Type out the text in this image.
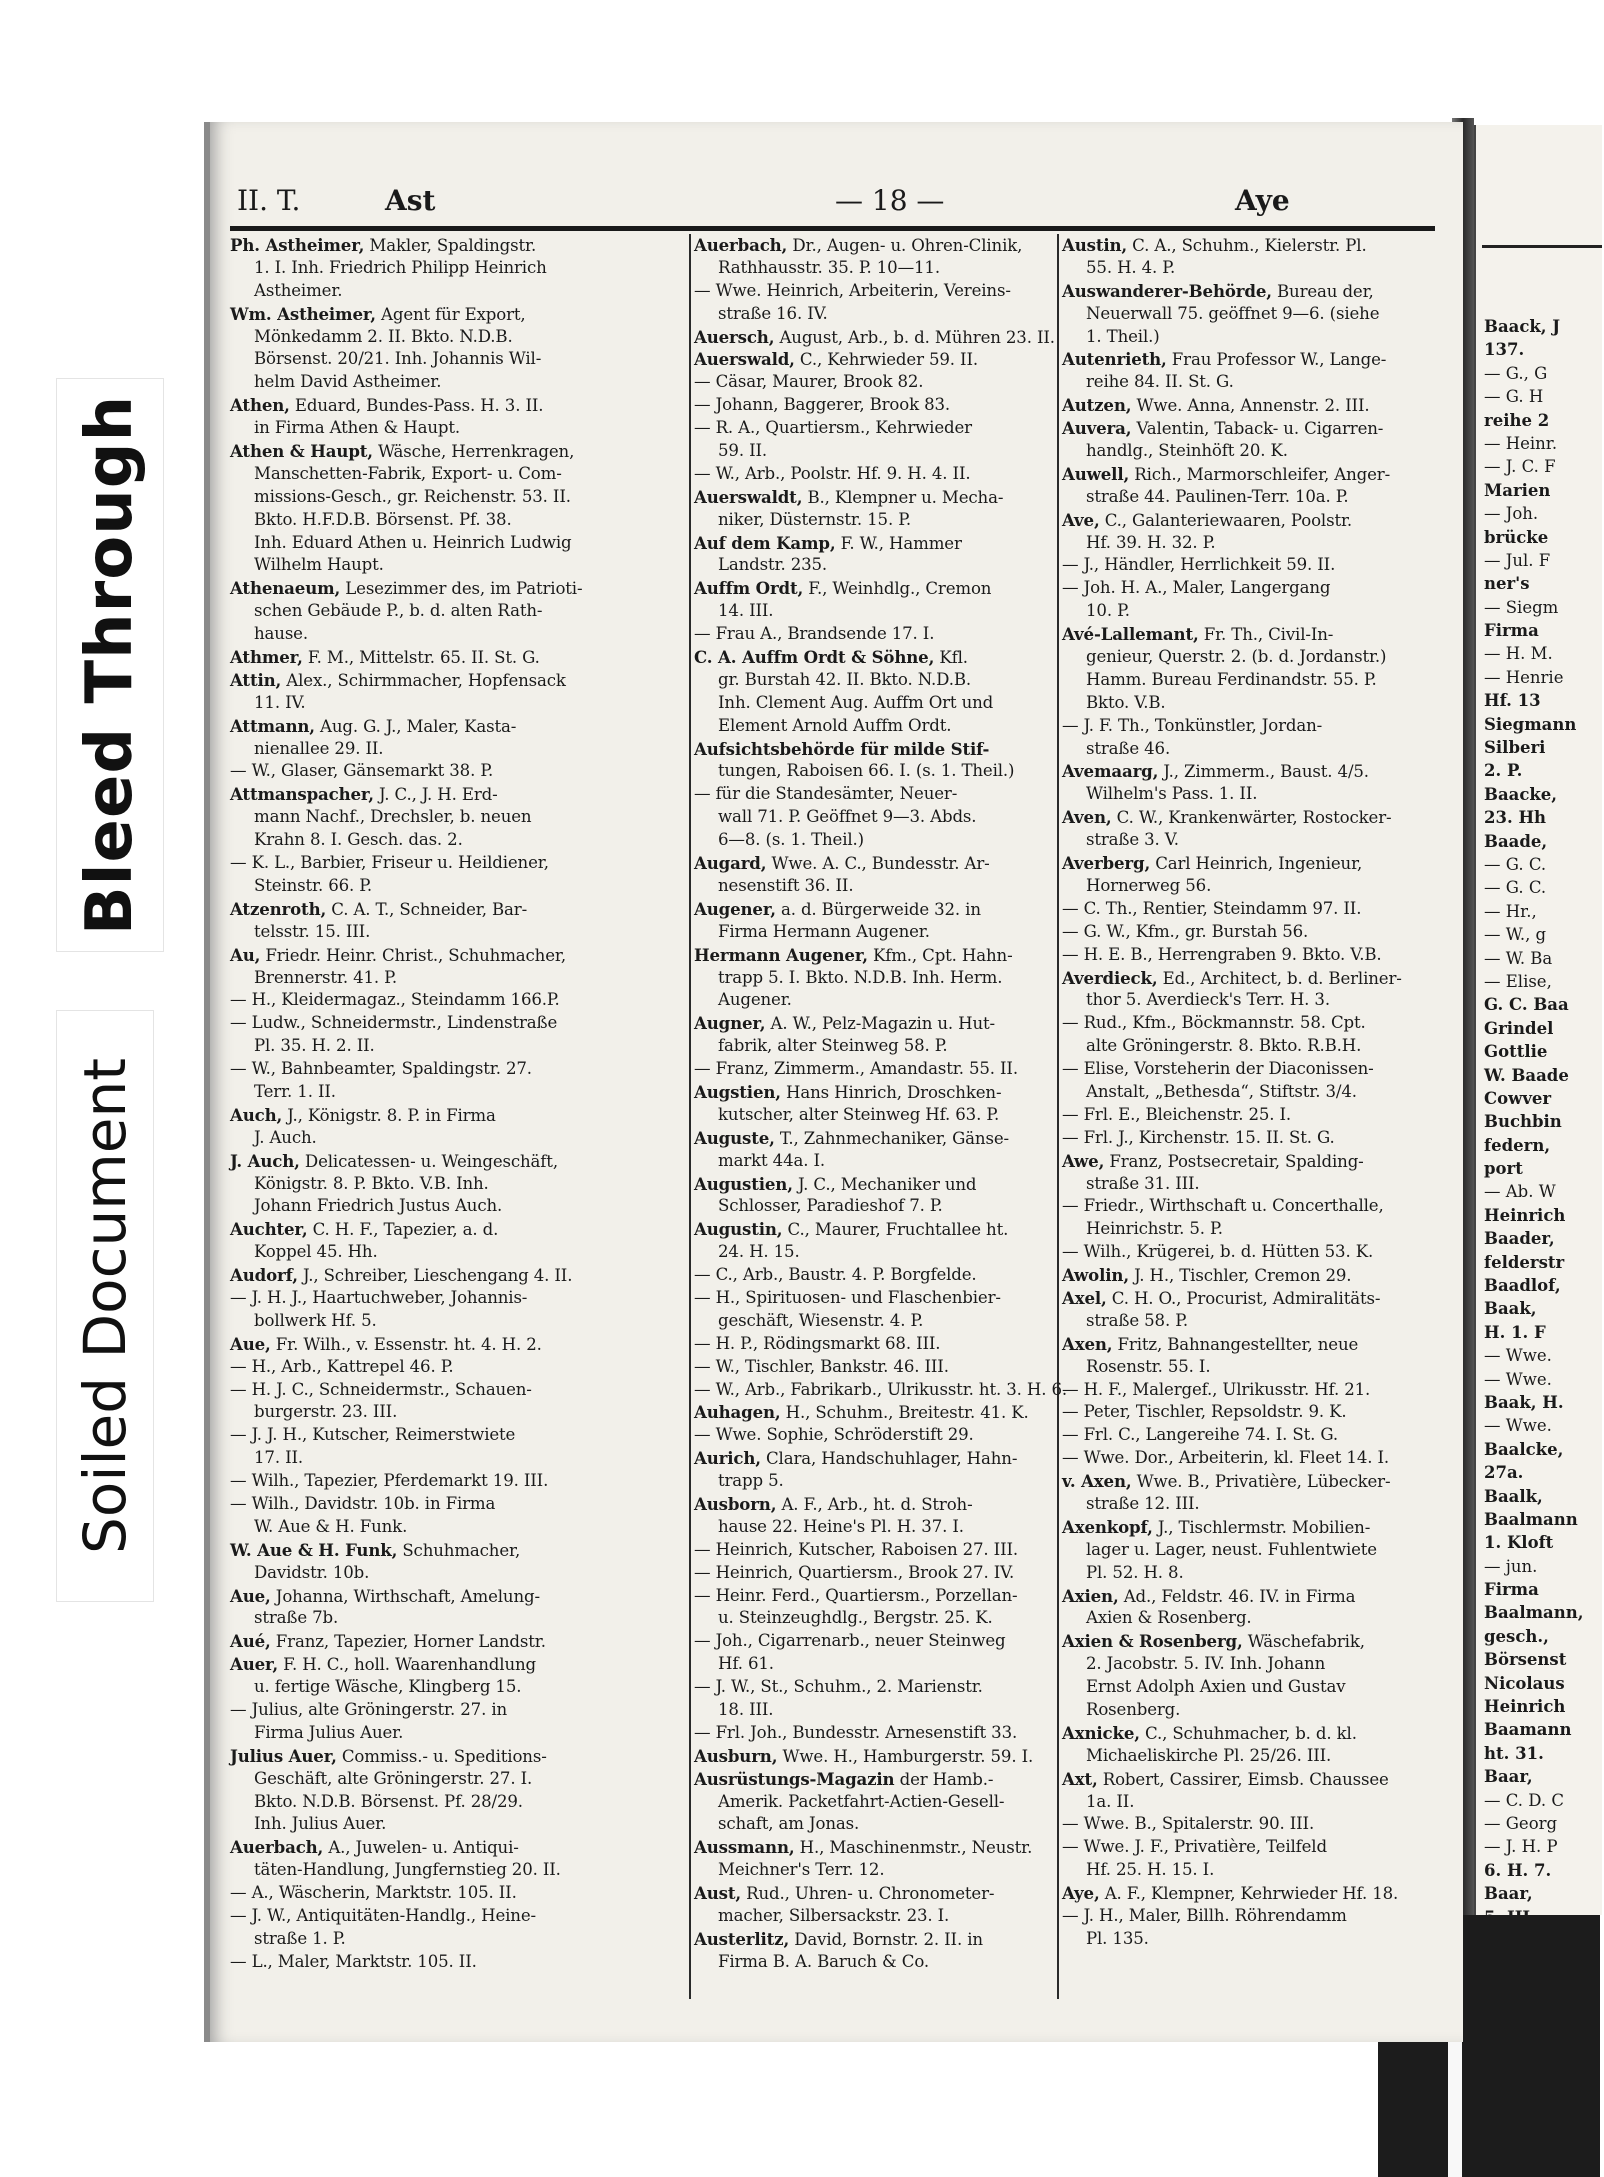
Bleed Through
Soiled Document
Baack, J
137.
— G., G
— G. H
reihe 2
— Heinr.
— J. C. F
Marien
— Joh.
brücke
— Jul. F
ner's
— Siegm
Firma
— H. M.
— Henrie
Hf. 13
Siegmann
Silberi
2. P.
Baacke,
23. Hh
Baade,
— G. C.
— G. C.
— Hr.,
— W., g
— W. Ba
— Elise,
G. C. Baa
Grindel
Gottlie
W. Baade
Cowver
Buchbin
federn,
port
— Ab. W
Heinrich
Baader,
felderstr
Baadlof,
Baak,
H. 1. F
— Wwe.
— Wwe.
Baak, H.
— Wwe.
Baalcke,
27a.
Baalk,
Baalmann
1. Kloft
— jun.
Firma
Baalmann,
gesch.,
Börsenst
Nicolaus
Heinrich
Baamann
ht. 31.
Baar,
— C. D. C
— Georg
— J. H. P
6. H. 7.
Baar,
II. T.	Ast	— 18 —	Aye
Ph. Astheimer, Makler, Spaldingstr.
1. I. Inh. Friedrich Philipp Heinrich
Astheimer.
Wm. Astheimer, Agent für Export,
Mönkedamm 2. II. Bkto. N.D.B.
Börsenst. 20/21. Inh. Johannis Wil-
helm David Astheimer.
Athen, Eduard, Bundes-Pass. H. 3. II.
in Firma Athen & Haupt.
Athen & Haupt, Wäsche, Herrenkragen,
Manschetten-Fabrik, Export- u. Com-
missions-Gesch., gr. Reichenstr. 53. II.
Bkto. H.F.D.B. Börsenst. Pf. 38.
Inh. Eduard Athen u. Heinrich Ludwig
Wilhelm Haupt.
Athenaeum, Lesezimmer des, im Patrioti-
schen Gebäude P., b. d. alten Rath-
hause.
Athmer, F. M., Mittelstr. 65. II. St. G.
Attin, Alex., Schirmmacher, Hopfensack
11. IV.
Attmann, Aug. G. J., Maler, Kasta-
nienallee 29. II.
— W., Glaser, Gänsemarkt 38. P.
Attmanspacher, J. C., J. H. Erd-
mann Nachf., Drechsler, b. neuen
Krahn 8. I. Gesch. das. 2.
— K. L., Barbier, Friseur u. Heildiener,
Steinstr. 66. P.
Atzenroth, C. A. T., Schneider, Bar-
telsstr. 15. III.
Au, Friedr. Heinr. Christ., Schuhmacher,
Brennerstr. 41. P.
— H., Kleidermagaz., Steindamm 166.P.
— Ludw., Schneidermstr., Lindenstraße
Pl. 35. H. 2. II.
— W., Bahnbeamter, Spaldingstr. 27.
Terr. 1. II.
Auch, J., Königstr. 8. P. in Firma
J. Auch.
J. Auch, Delicatessen- u. Weingeschäft,
Königstr. 8. P. Bkto. V.B. Inh.
Johann Friedrich Justus Auch.
Auchter, C. H. F., Tapezier, a. d.
Koppel 45. Hh.
Audorf, J., Schreiber, Lieschengang 4. II.
— J. H. J., Haartuchweber, Johannis-
bollwerk Hf. 5.
Aue, Fr. Wilh., v. Essenstr. ht. 4. H. 2.
— H., Arb., Kattrepel 46. P.
— H. J. C., Schneidermstr., Schauen-
burgerstr. 23. III.
— J. J. H., Kutscher, Reimerstwiete
17. II.
— Wilh., Tapezier, Pferdemarkt 19. III.
— Wilh., Davidstr. 10b. in Firma
W. Aue & H. Funk.
W. Aue & H. Funk, Schuhmacher,
Davidstr. 10b.
Aue, Johanna, Wirthschaft, Amelung-
straße 7b.
Aué, Franz, Tapezier, Horner Landstr.
Auer, F. H. C., holl. Waarenhandlung
u. fertige Wäsche, Klingberg 15.
— Julius, alte Gröningerstr. 27. in
Firma Julius Auer.
Julius Auer, Commiss.- u. Speditions-
Geschäft, alte Gröningerstr. 27. I.
Bkto. N.D.B. Börsenst. Pf. 28/29.
Inh. Julius Auer.
Auerbach, A., Juwelen- u. Antiqui-
täten-Handlung, Jungfernstieg 20. II.
— A., Wäscherin, Marktstr. 105. II.
— J. W., Antiquitäten-Handlg., Heine-
straße 1. P.
— L., Maler, Marktstr. 105. II.
Auerbach, Dr., Augen- u. Ohren-Clinik,
Rathhausstr. 35. P. 10—11.
— Wwe. Heinrich, Arbeiterin, Vereins-
straße 16. IV.
Auersch, August, Arb., b. d. Mühren 23. II.
Auerswald, C., Kehrwieder 59. II.
— Cäsar, Maurer, Brook 82.
— Johann, Baggerer, Brook 83.
— R. A., Quartiersm., Kehrwieder
59. II.
— W., Arb., Poolstr. Hf. 9. H. 4. II.
Auerswaldt, B., Klempner u. Mecha-
niker, Düsternstr. 15. P.
Auf dem Kamp, F. W., Hammer
Landstr. 235.
Auffm Ordt, F., Weinhdlg., Cremon
14. III.
— Frau A., Brandsende 17. I.
C. A. Auffm Ordt & Söhne, Kfl.
gr. Burstah 42. II. Bkto. N.D.B.
Inh. Clement Aug. Auffm Ort und
Element Arnold Auffm Ordt.
Aufsichtsbehörde für milde Stif-
tungen, Raboisen 66. I. (s. 1. Theil.)
— für die Standesämter, Neuer-
wall 71. P. Geöffnet 9—3. Abds.
6—8. (s. 1. Theil.)
Augard, Wwe. A. C., Bundesstr. Ar-
nesenstift 36. II.
Augener, a. d. Bürgerweide 32. in
Firma Hermann Augener.
Hermann Augener, Kfm., Cpt. Hahn-
trapp 5. I. Bkto. N.D.B. Inh. Herm.
Augener.
Augner, A. W., Pelz-Magazin u. Hut-
fabrik, alter Steinweg 58. P.
— Franz, Zimmerm., Amandastr. 55. II.
Augstien, Hans Hinrich, Droschken-
kutscher, alter Steinweg Hf. 63. P.
Auguste, T., Zahnmechaniker, Gänse-
markt 44a. I.
Augustien, J. C., Mechaniker und
Schlosser, Paradieshof 7. P.
Augustin, C., Maurer, Fruchtallee ht.
24. H. 15.
— C., Arb., Baustr. 4. P. Borgfelde.
— H., Spirituosen- und Flaschenbier-
geschäft, Wiesenstr. 4. P.
— H. P., Rödingsmarkt 68. III.
— W., Tischler, Bankstr. 46. III.
— W., Arb., Fabrikarb., Ulrikusstr. ht. 3. H. 6.
Auhagen, H., Schuhm., Breitestr. 41. K.
— Wwe. Sophie, Schröderstift 29.
Aurich, Clara, Handschuhlager, Hahn-
trapp 5.
Ausborn, A. F., Arb., ht. d. Stroh-
hause 22. Heine's Pl. H. 37. I.
— Heinrich, Kutscher, Raboisen 27. III.
— Heinrich, Quartiersm., Brook 27. IV.
— Heinr. Ferd., Quartiersm., Porzellan-
u. Steinzeughdlg., Bergstr. 25. K.
— Joh., Cigarrenarb., neuer Steinweg
Hf. 61.
— J. W., St., Schuhm., 2. Marienstr.
18. III.
— Frl. Joh., Bundesstr. Arnesenstift 33.
Ausburn, Wwe. H., Hamburgerstr. 59. I.
Ausrüstungs-Magazin der Hamb.-
Amerik. Packetfahrt-Actien-Gesell-
schaft, am Jonas.
Aussmann, H., Maschinenmstr., Neustr.
Meichner's Terr. 12.
Aust, Rud., Uhren- u. Chronometer-
macher, Silbersackstr. 23. I.
Austerlitz, David, Bornstr. 2. II. in
Firma B. A. Baruch & Co.
Austin, C. A., Schuhm., Kielerstr. Pl.
55. H. 4. P.
Auswanderer-Behörde, Bureau der,
Neuerwall 75. geöffnet 9—6. (siehe
1. Theil.)
Autenrieth, Frau Professor W., Lange-
reihe 84. II. St. G.
Autzen, Wwe. Anna, Annenstr. 2. III.
Auvera, Valentin, Taback- u. Cigarren-
handlg., Steinhöft 20. K.
Auwell, Rich., Marmorschleifer, Anger-
straße 44. Paulinen-Terr. 10a. P.
Ave, C., Galanteriewaaren, Poolstr.
Hf. 39. H. 32. P.
— J., Händler, Herrlichkeit 59. II.
— Joh. H. A., Maler, Langergang
10. P.
Avé-Lallemant, Fr. Th., Civil-In-
genieur, Querstr. 2. (b. d. Jordanstr.)
Hamm. Bureau Ferdinandstr. 55. P.
Bkto. V.B.
— J. F. Th., Tonkünstler, Jordan-
straße 46.
Avemaarg, J., Zimmerm., Baust. 4/5.
Wilhelm's Pass. 1. II.
Aven, C. W., Krankenwärter, Rostocker-
straße 3. V.
Averberg, Carl Heinrich, Ingenieur,
Hornerweg 56.
— C. Th., Rentier, Steindamm 97. II.
— G. W., Kfm., gr. Burstah 56.
— H. E. B., Herrengraben 9. Bkto. V.B.
Averdieck, Ed., Architect, b. d. Berliner-
thor 5. Averdieck's Terr. H. 3.
— Rud., Kfm., Böckmannstr. 58. Cpt.
alte Gröningerstr. 8. Bkto. R.B.H.
— Elise, Vorsteherin der Diaconissen-
Anstalt, „Bethesda“, Stiftstr. 3/4.
— Frl. E., Bleichenstr. 25. I.
— Frl. J., Kirchenstr. 15. II. St. G.
Awe, Franz, Postsecretair, Spalding-
straße 31. III.
— Friedr., Wirthschaft u. Concerthalle,
Heinrichstr. 5. P.
— Wilh., Krügerei, b. d. Hütten 53. K.
Awolin, J. H., Tischler, Cremon 29.
Axel, C. H. O., Procurist, Admiralitäts-
straße 58. P.
Axen, Fritz, Bahnangestellter, neue
Rosenstr. 55. I.
— H. F., Malergef., Ulrikusstr. Hf. 21.
— Peter, Tischler, Repsoldstr. 9. K.
— Frl. C., Langereihe 74. I. St. G.
— Wwe. Dor., Arbeiterin, kl. Fleet 14. I.
v. Axen, Wwe. B., Privatière, Lübecker-
straße 12. III.
Axenkopf, J., Tischlermstr. Mobilien-
lager u. Lager, neust. Fuhlentwiete
Pl. 52. H. 8.
Axien, Ad., Feldstr. 46. IV. in Firma
Axien & Rosenberg.
Axien & Rosenberg, Wäschefabrik,
2. Jacobstr. 5. IV. Inh. Johann
Ernst Adolph Axien und Gustav
Rosenberg.
Axnicke, C., Schuhmacher, b. d. kl.
Michaeliskirche Pl. 25/26. III.
Axt, Robert, Cassirer, Eimsb. Chaussee
1a. II.
— Wwe. B., Spitalerstr. 90. III.
— Wwe. J. F., Privatière, Teilfeld
Hf. 25. H. 15. I.
Aye, A. F., Klempner, Kehrwieder Hf. 18.
— J. H., Maler, Billh. Röhrendamm
Pl. 135.
